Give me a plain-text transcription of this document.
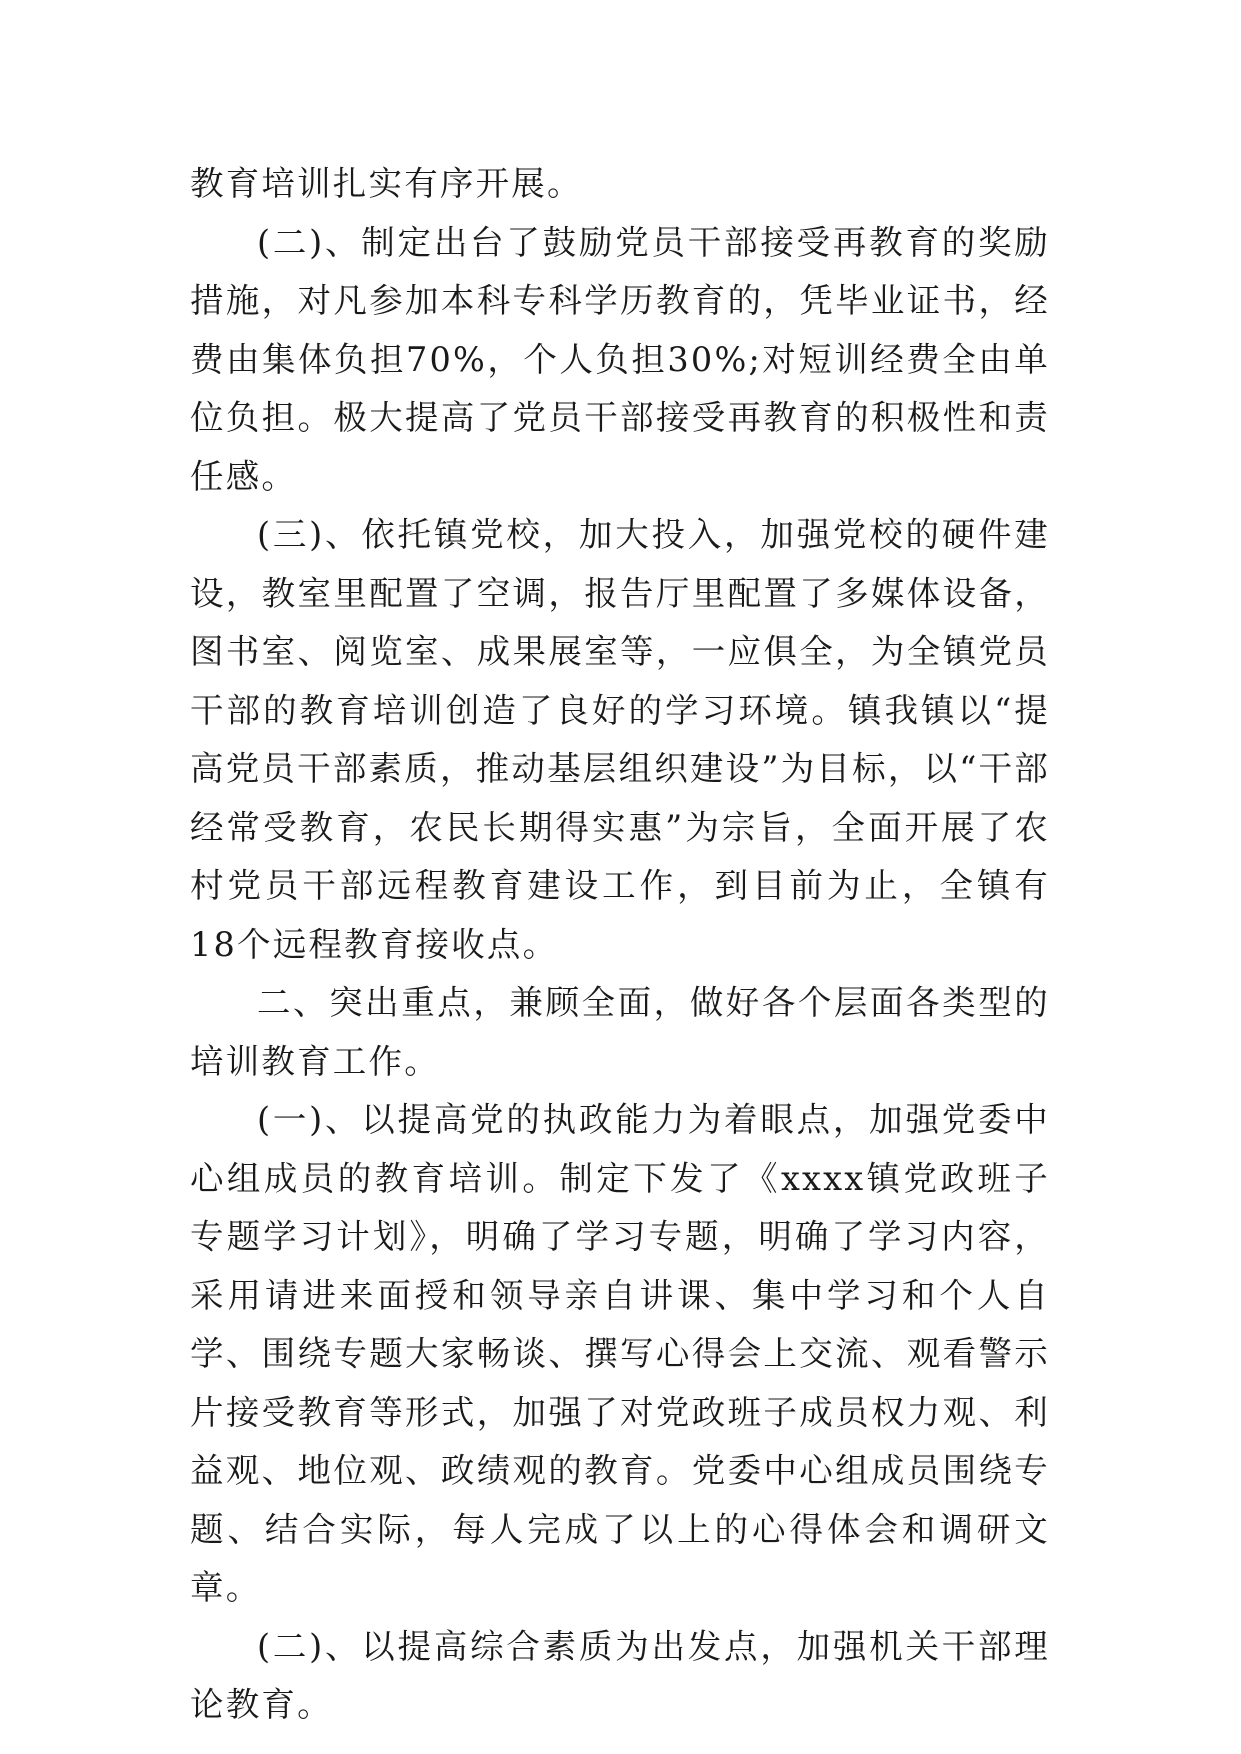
教育培训扎实有序开展。

(二)、制定出台了鼓励党员干部接受再教育的奖励措施，对凡参加本科专科学历教育的，凭毕业证书，经费由集体负担70%，个人负担30%;对短训经费全由单位负担。极大提高了党员干部接受再教育的积极性和责任感。

(三)、依托镇党校，加大投入，加强党校的硬件建设，教室里配置了空调，报告厅里配置了多媒体设备，图书室、阅览室、成果展室等，一应俱全，为全镇党员干部的教育培训创造了良好的学习环境。镇我镇以“提高党员干部素质，推动基层组织建设”为目标，以“干部经常受教育，农民长期得实惠”为宗旨，全面开展了农村党员干部远程教育建设工作，到目前为止，全镇有18个远程教育接收点。

二、突出重点，兼顾全面，做好各个层面各类型的培训教育工作。

(一)、以提高党的执政能力为着眼点，加强党委中心组成员的教育培训。制定下发了《xxxx镇党政班子专题学习计划》，明确了学习专题，明确了学习内容，采用请进来面授和领导亲自讲课、集中学习和个人自学、围绕专题大家畅谈、撰写心得会上交流、观看警示片接受教育等形式，加强了对党政班子成员权力观、利益观、地位观、政绩观的教育。党委中心组成员围绕专题、结合实际，每人完成了以上的心得体会和调研文章。

(二)、以提高综合素质为出发点，加强机关干部理论教育。
